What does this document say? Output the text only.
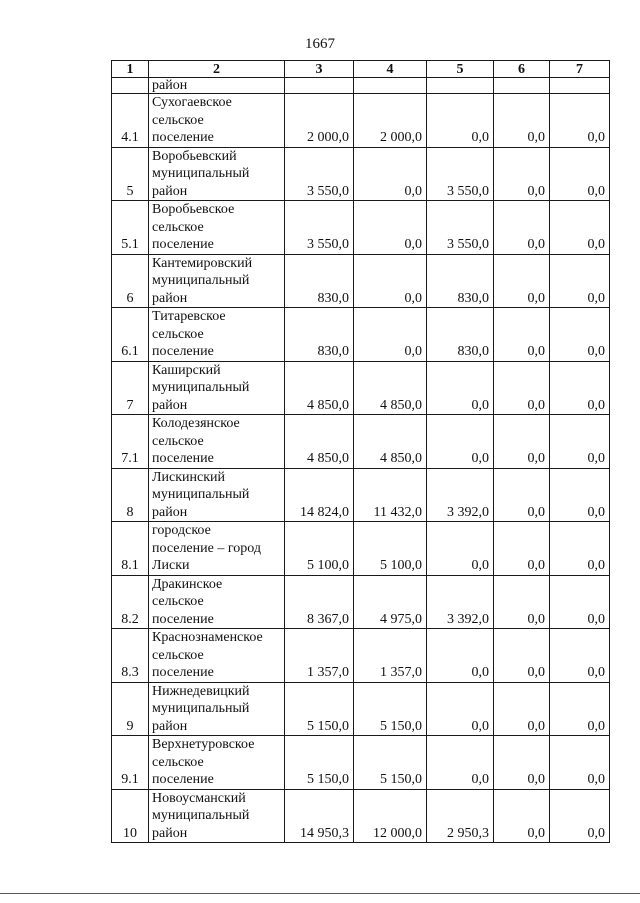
1667
1	2	3	4	5	6	7
	район					
4.1	Сухогаевское
сельское
поселение	2 000,0	2 000,0	0,0	0,0	0,0
5	Воробьевский
муниципальный
район	3 550,0	0,0	3 550,0	0,0	0,0
5.1	Воробьевское
сельское
поселение	3 550,0	0,0	3 550,0	0,0	0,0
6	Кантемировский
муниципальный
район	830,0	0,0	830,0	0,0	0,0
6.1	Титаревское
сельское
поселение	830,0	0,0	830,0	0,0	0,0
7	Каширский
муниципальный
район	4 850,0	4 850,0	0,0	0,0	0,0
7.1	Колодезянское
сельское
поселение	4 850,0	4 850,0	0,0	0,0	0,0
8	Лискинский
муниципальный
район	14 824,0	11 432,0	3 392,0	0,0	0,0
8.1	городское
поселение – город
Лиски	5 100,0	5 100,0	0,0	0,0	0,0
8.2	Дракинское
сельское
поселение	8 367,0	4 975,0	3 392,0	0,0	0,0
8.3	Краснознаменское
сельское
поселение	1 357,0	1 357,0	0,0	0,0	0,0
9	Нижнедевицкий
муниципальный
район	5 150,0	5 150,0	0,0	0,0	0,0
9.1	Верхнетуровское
сельское
поселение	5 150,0	5 150,0	0,0	0,0	0,0
10	Новоусманский
муниципальный
район	14 950,3	12 000,0	2 950,3	0,0	0,0
